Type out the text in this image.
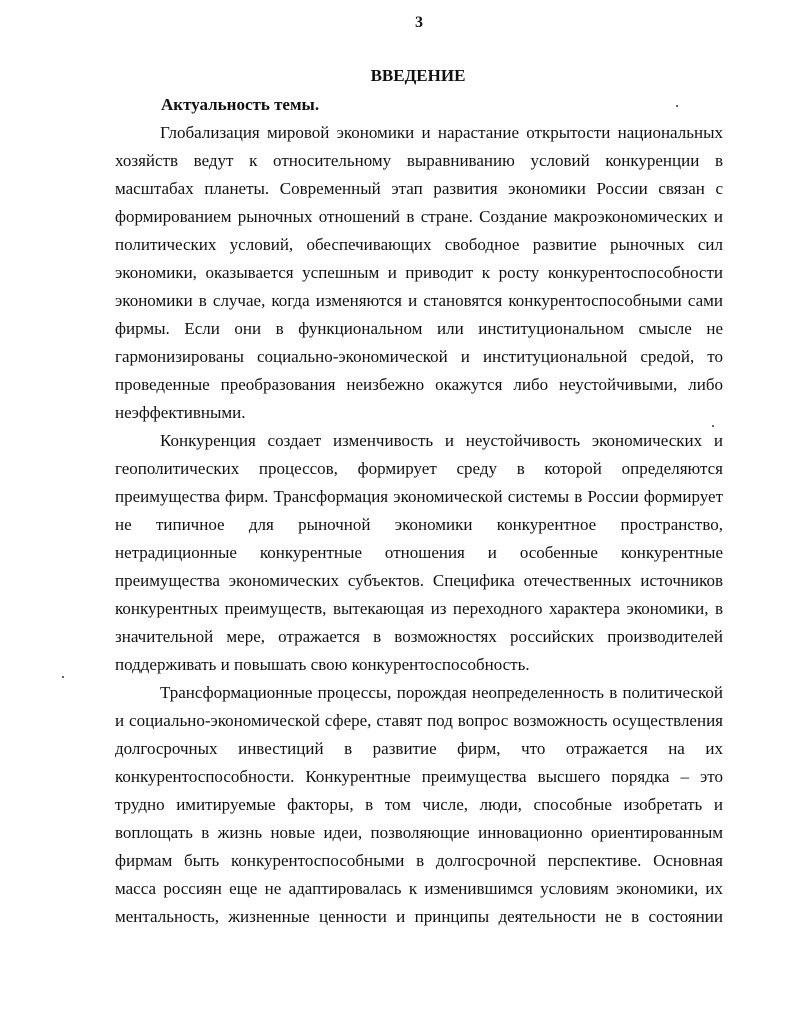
3
ВВЕДЕНИЕ
Актуальность темы.
Глобализация мировой экономики и нарастание открытости национальных
хозяйств ведут к относительному выравниванию условий конкуренции в
масштабах планеты. Современный этап развития экономики России связан с
формированием рыночных отношений в стране. Создание макроэкономических и
политических условий, обеспечивающих свободное развитие рыночных сил
экономики, оказывается успешным и приводит к росту конкурентоспособности
экономики в случае, когда изменяются и становятся конкурентоспособными сами
фирмы. Если они в функциональном или институциональном смысле не
гармонизированы социально-экономической и институциональной средой, то
проведенные преобразования неизбежно окажутся либо неустойчивыми, либо
неэффективными.
Конкуренция создает изменчивость и неустойчивость экономических и
геополитических процессов, формирует среду в которой определяются
преимущества фирм. Трансформация экономической системы в России формирует
не типичное для рыночной экономики конкурентное пространство,
нетрадиционные конкурентные отношения и особенные конкурентные
преимущества экономических субъектов. Специфика отечественных источников
конкурентных преимуществ, вытекающая из переходного характера экономики, в
значительной мере, отражается в возможностях российских производителей
поддерживать и повышать свою конкурентоспособность.
Трансформационные процессы, порождая неопределенность в политической
и социально-экономической сфере, ставят под вопрос возможность осуществления
долгосрочных инвестиций в развитие фирм, что отражается на их
конкурентоспособности. Конкурентные преимущества высшего порядка – это
трудно имитируемые факторы, в том числе, люди, способные изобретать и
воплощать в жизнь новые идеи, позволяющие инновационно ориентированным
фирмам быть конкурентоспособными в долгосрочной перспективе. Основная
масса россиян еще не адаптировалась к изменившимся условиям экономики, их
ментальность, жизненные ценности и принципы деятельности не в состоянии
